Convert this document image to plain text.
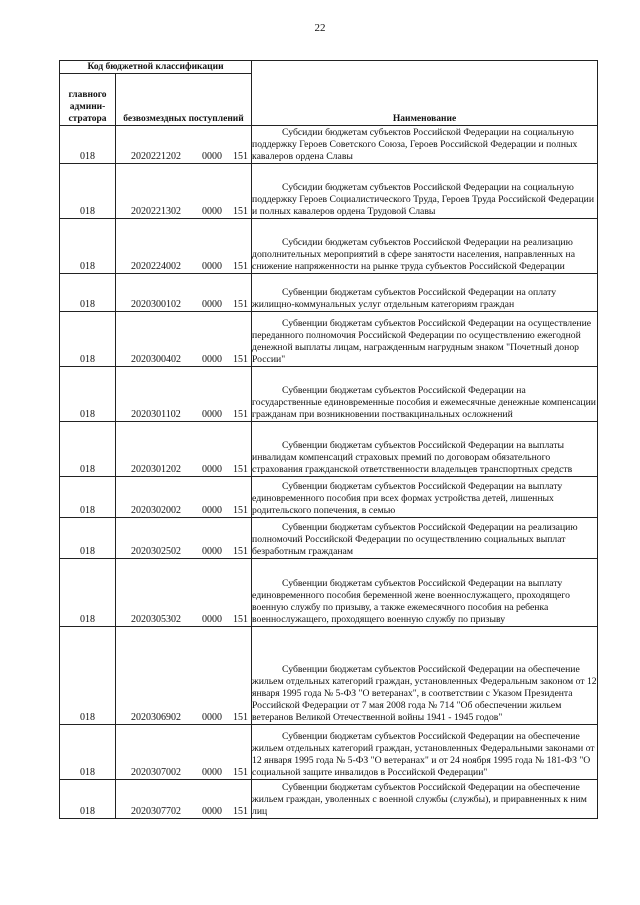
22
Код бюджетной классификации		Наименование
главного админи-стратора	безвозмездных поступлений	
018	2020221202 0000 151	Субсидии бюджетам субъектов Российской Федерации на социальную поддержку Героев Советского Союза, Героев Российской Федерации и полных кавалеров ордена Славы

018	2020221302 0000 151	Субсидии бюджетам субъектов Российской Федерации на социальную поддержку Героев Социалистического Труда, Героев Труда Российской Федерации и полных кавалеров ордена Трудовой Славы

018	2020224002 0000 151	Субсидии бюджетам субъектов Российской Федерации на реализацию дополнительных мероприятий в сфере занятости населения, направленных на снижение напряженности на рынке труда субъектов Российской Федерации

018	2020300102 0000 151	Субвенции бюджетам субъектов Российской Федерации на оплату жилищно-коммунальных услуг отдельным категориям граждан

018	2020300402 0000 151	Субвенции бюджетам субъектов Российской Федерации на осуществление переданного полномочия Российской Федерации по осуществлению ежегодной денежной выплаты лицам, награжденным нагрудным знаком "Почетный донор России"

018	2020301102 0000 151	Субвенции бюджетам субъектов Российской Федерации на государственные единовременные пособия и ежемесячные денежные компенсации гражданам при возникновении поствакцинальных осложнений

018	2020301202 0000 151	Субвенции бюджетам субъектов Российской Федерации на выплаты инвалидам компенсаций страховых премий по договорам обязательного страхования гражданской ответственности владельцев транспортных средств

018	2020302002 0000 151	Субвенции бюджетам субъектов Российской Федерации на выплату единовременного пособия при всех формах устройства детей, лишенных родительского попечения, в семью

018	2020302502 0000 151	Субвенции бюджетам субъектов Российской Федерации на реализацию полномочий Российской Федерации по осуществлению социальных выплат безработным гражданам

018	2020305302 0000 151	Субвенции бюджетам субъектов Российской Федерации на выплату единовременного пособия беременной жене военнослужащего, проходящего военную службу по призыву, а также ежемесячного пособия на ребенка военнослужащего, проходящего военную службу по призыву

018	2020306902 0000 151	Субвенции бюджетам субъектов Российской Федерации на обеспечение жильем отдельных категорий граждан, установленных Федеральным законом от 12 января 1995 года № 5-ФЗ "О ветеранах", в соответствии с Указом Президента Российской Федерации от 7 мая 2008 года № 714 "Об обеспечении жильем ветеранов Великой Отечественной войны 1941 - 1945 годов"

018	2020307002 0000 151	Субвенции бюджетам субъектов Российской Федерации на обеспечение жильем отдельных категорий граждан, установленных Федеральными законами от 12 января 1995 года № 5-ФЗ "О ветеранах" и от 24 ноября 1995 года № 181-ФЗ "О социальной защите инвалидов в Российской Федерации"

018	2020307702 0000 151	Субвенции бюджетам субъектов Российской Федерации на обеспечение жильем граждан, уволенных с военной службы (службы), и приравненных к ним лиц
